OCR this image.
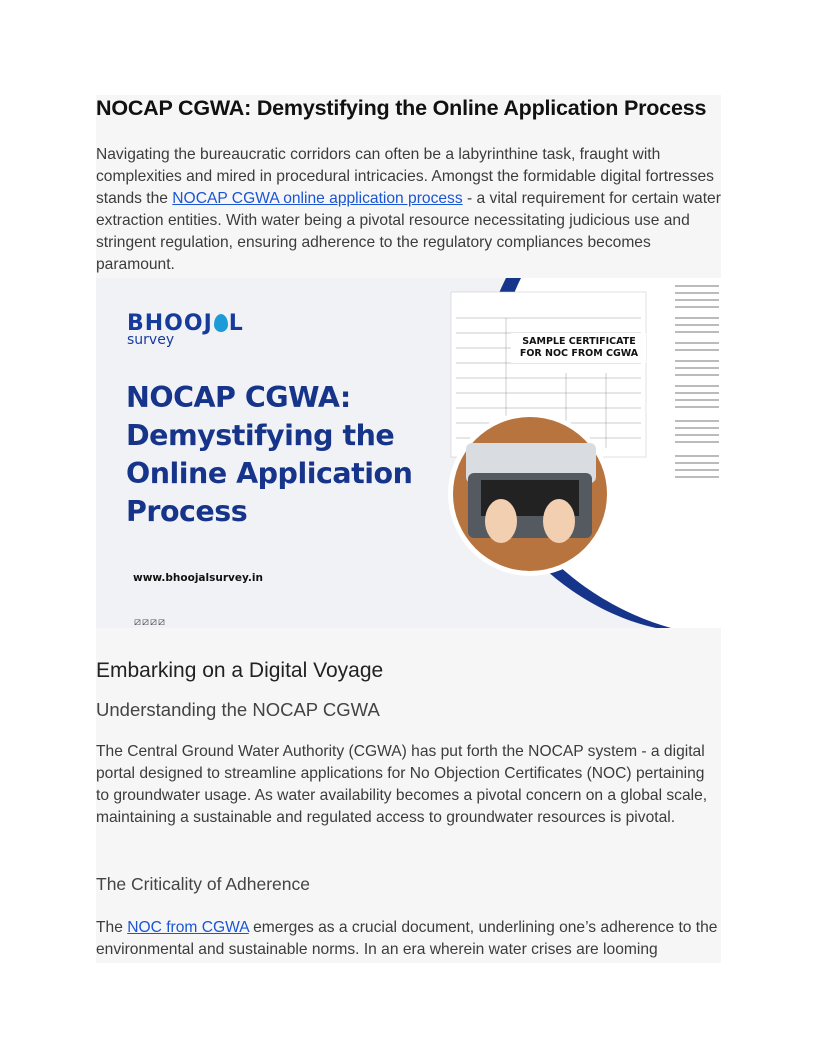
NOCAP CGWA: Demystifying the Online Application Process

Navigating the bureaucratic corridors can often be a labyrinthine task, fraught with complexities and mired in procedural intricacies. Amongst the formidable digital fortresses stands the NOCAP CGWA online application process - a vital requirement for certain water extraction entities. With water being a pivotal resource necessitating judicious use and stringent regulation, ensuring adherence to the regulatory compliances becomes paramount.

BHOOJ L
survey
NOCAP CGWA:
Demystifying the
Online Application
Process
www.bhoojalsurvey.in
⧄⧄⧄⧄
SAMPLE CERTIFICATE
FOR NOC FROM CGWA
Embarking on a Digital Voyage
Understanding the NOCAP CGWA

The Central Ground Water Authority (CGWA) has put forth the NOCAP system - a digital portal designed to streamline applications for No Objection Certificates (NOC) pertaining to groundwater usage. As water availability becomes a pivotal concern on a global scale, maintaining a sustainable and regulated access to groundwater resources is pivotal.

The Criticality of Adherence

The NOC from CGWA emerges as a crucial document, underlining one’s adherence to the environmental and sustainable norms. In an era wherein water crises are looming
